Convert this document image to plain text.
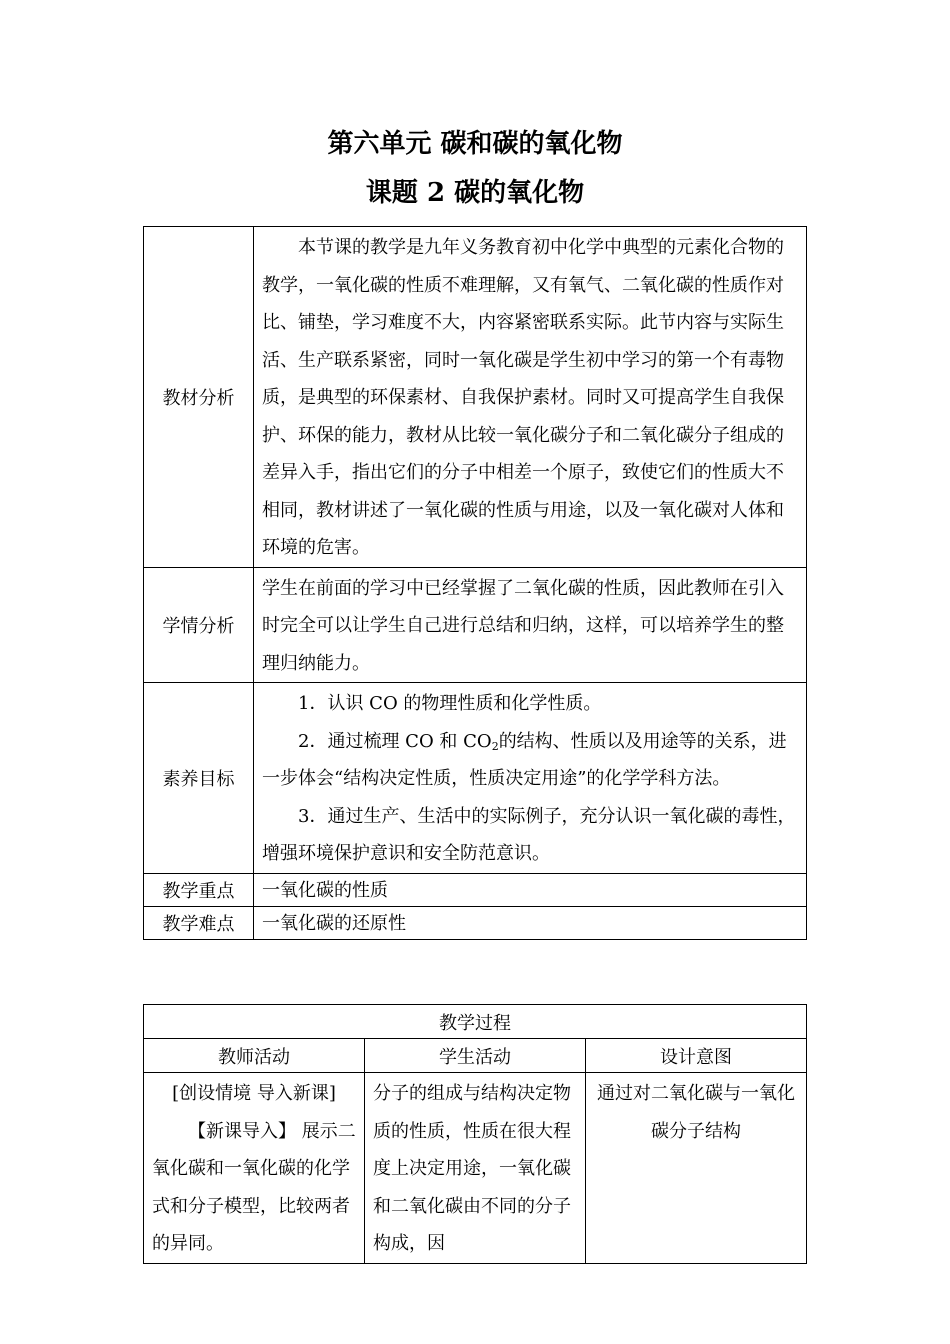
第六单元 碳和碳的氧化物
课题 2 碳的氧化物
教材分析	本节课的教学是九年义务教育初中化学中典型的元素化合物的教学，一氧化碳的性质不难理解，又有氧气、二氧化碳的性质作对比、铺垫，学习难度不大，内容紧密联系实际。此节内容与实际生活、生产联系紧密，同时一氧化碳是学生初中学习的第一个有毒物质，是典型的环保素材、自我保护素材。同时又可提高学生自我保护、环保的能力，教材从比较一氧化碳分子和二氧化碳分子组成的差异入手，指出它们的分子中相差一个原子，致使它们的性质大不相同，教材讲述了一氧化碳的性质与用途，以及一氧化碳对人体和环境的危害。
学情分析	学生在前面的学习中已经掌握了二氧化碳的性质，因此教师在引入时完全可以让学生自己进行总结和归纳，这样，可以培养学生的整理归纳能力。
素养目标	1．认识 CO 的物理性质和化学性质。

2．通过梳理 CO 和 $CO_2$的结构、性质以及用途等的关系，进一步体会“结构决定性质，性质决定用途”的化学学科方法。

3．通过生产、生活中的实际例子，充分认识一氧化碳的毒性，增强环境保护意识和安全防范意识。

教学重点	一氧化碳的性质
教学难点	一氧化碳的还原性
教学过程		
教师活动	学生活动	设计意图

[创设情境 导入新课]
【新课导入】 展示二氧化碳和一氧化碳的化学式和分子模型，比较两者的异同。	分子的组成与结构决定物质的性质，性质在很大程度上决定用途，一氧化碳和二氧化碳由不同的分子构成，因	通过对二氧化碳与一氧化碳分子结构
